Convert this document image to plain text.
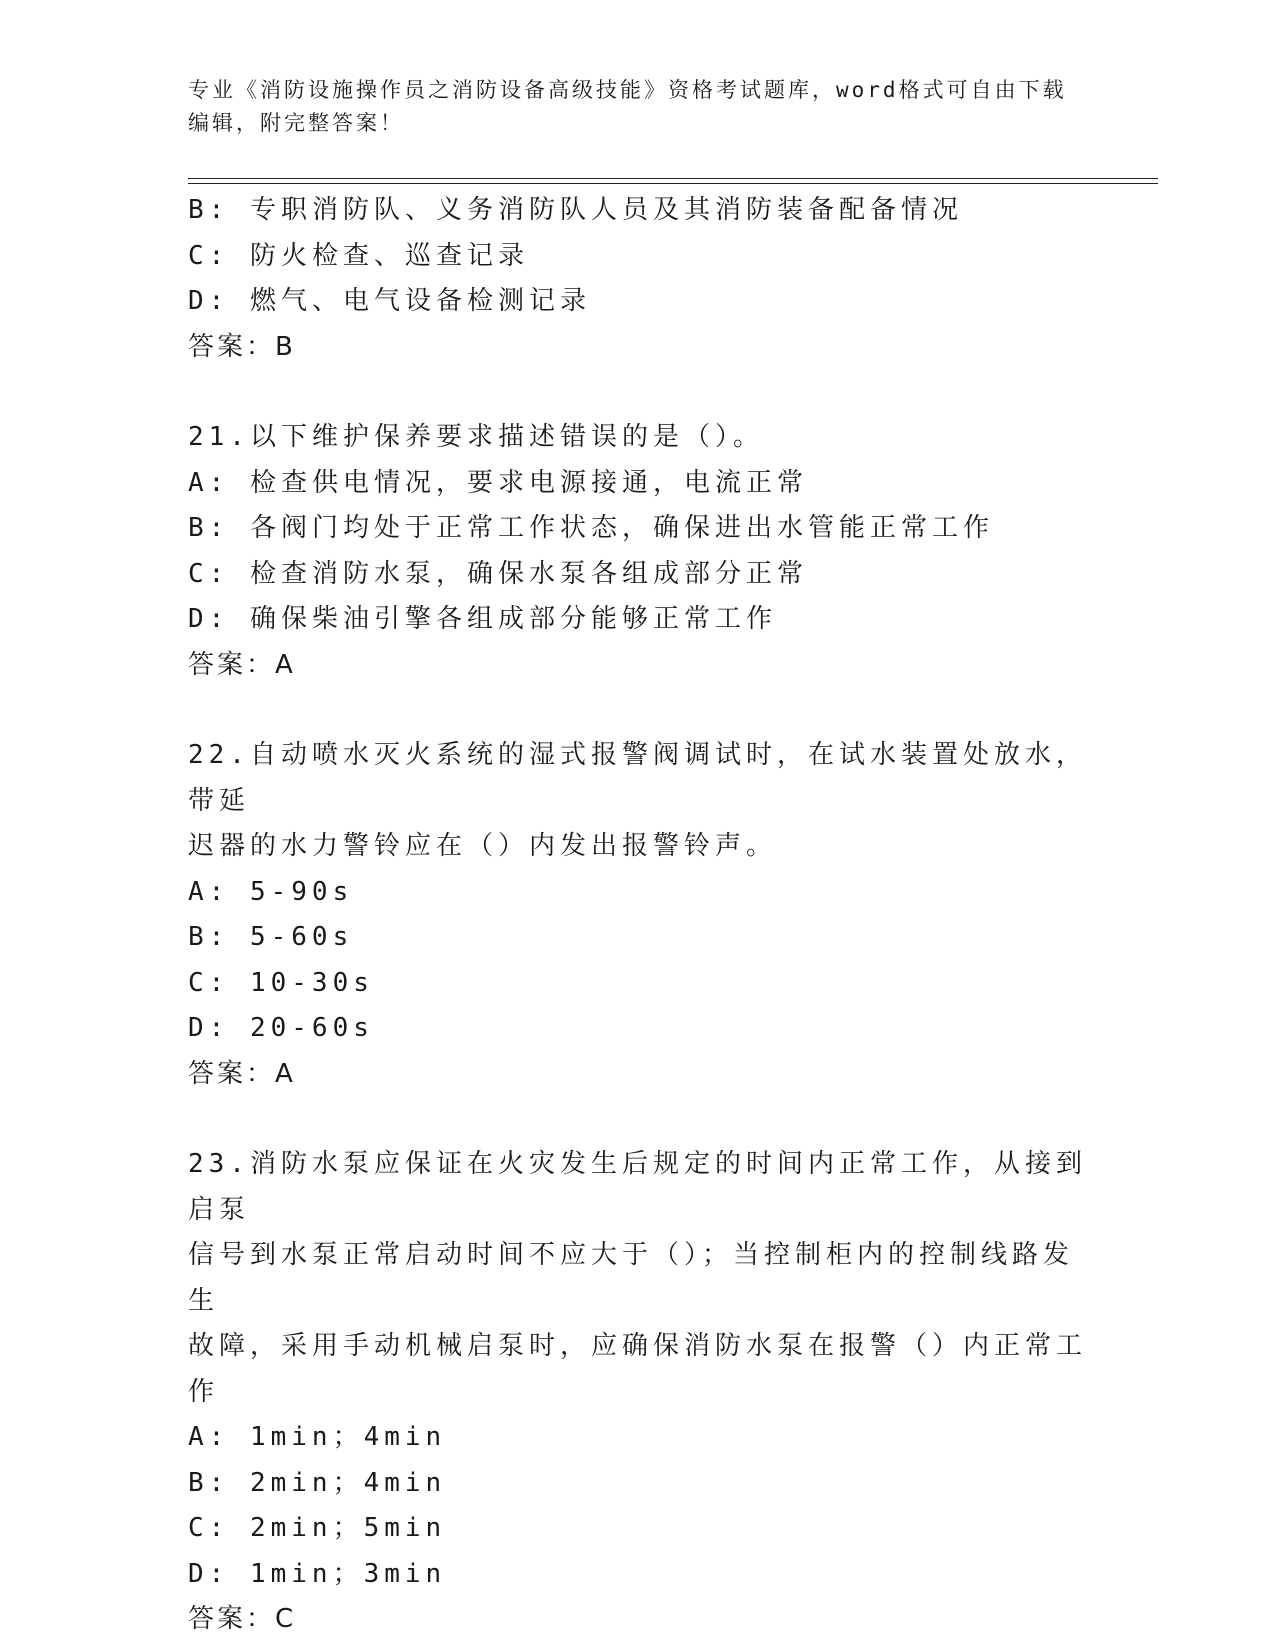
专业《消防设施操作员之消防设备高级技能》资格考试题库，word格式可自由下载编辑，附完整答案！

B: 专职消防队、义务消防队人员及其消防装备配备情况

C: 防火检查、巡查记录

D: 燃气、电气设备检测记录

答案：B

21.以下维护保养要求描述错误的是（）。

A: 检查供电情况，要求电源接通，电流正常

B: 各阀门均处于正常工作状态，确保进出水管能正常工作

C: 检查消防水泵，确保水泵各组成部分正常

D: 确保柴油引擎各组成部分能够正常工作

答案：A

22.自动喷水灭火系统的湿式报警阀调试时，在试水装置处放水，带延

迟器的水力警铃应在（）内发出报警铃声。

A: 5-90s

B: 5-60s

C: 10-30s

D: 20-60s

答案：A

23.消防水泵应保证在火灾发生后规定的时间内正常工作，从接到启泵

信号到水泵正常启动时间不应大于（）；当控制柜内的控制线路发生

故障，采用手动机械启泵时，应确保消防水泵在报警（）内正常工作

A: 1min；4min

B: 2min；4min

C: 2min；5min

D: 1min；3min

答案：C
